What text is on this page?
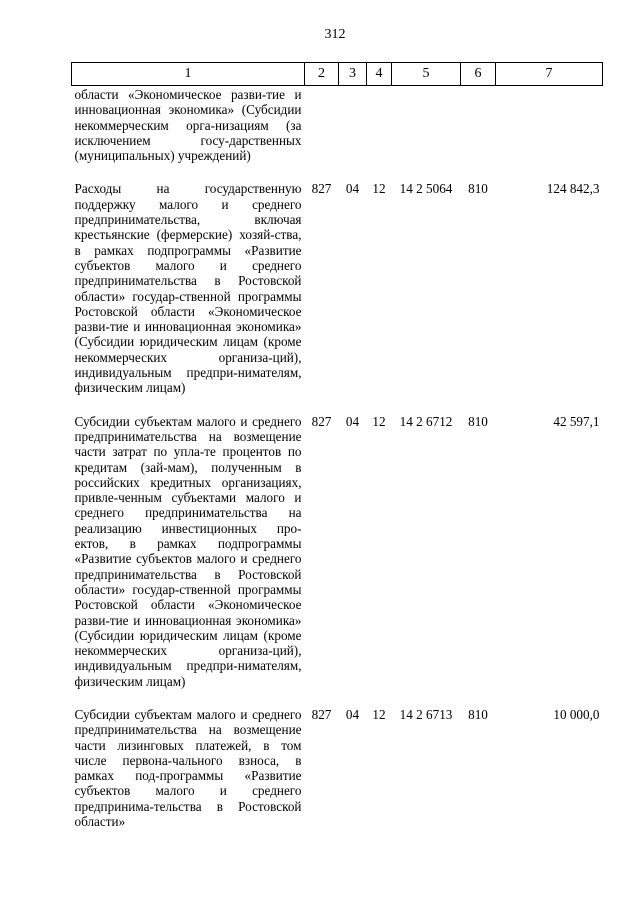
312
1	2	3	4	5	6	7
области «Экономическое разви-тие и инновационная экономика» (Субсидии некоммерческим орга-низациям (за исключением госу-дарственных (муниципальных) учреждений)						
Расходы на государственную поддержку малого и среднего предпринимательства, включая крестьянские (фермерские) хозяй-ства, в рамках подпрограммы «Развитие субъектов малого и среднего предпринимательства в Ростовской области» государ-ственной программы Ростовской области «Экономическое разви-тие и инновационная экономика» (Субсидии юридическим лицам (кроме некоммерческих организа-ций), индивидуальным предпри-нимателям, физическим лицам)	827	04	12	14 2 5064	810	124 842,3
Субсидии субъектам малого и среднего предпринимательства на возмещение части затрат по упла-те процентов по кредитам (зай-мам), полученным в российских кредитных организациях, привле-ченным субъектами малого и среднего предпринимательства на реализацию инвестиционных про-ектов, в рамках подпрограммы «Развитие субъектов малого и среднего предпринимательства в Ростовской области» государ-ственной программы Ростовской области «Экономическое разви-тие и инновационная экономика» (Субсидии юридическим лицам (кроме некоммерческих организа-ций), индивидуальным предпри-нимателям, физическим лицам)	827	04	12	14 2 6712	810	42 597,1
Субсидии субъектам малого и среднего предпринимательства на возмещение части лизинговых платежей, в том числе первона-чального взноса, в рамках под-программы «Развитие субъектов малого и среднего предпринима-тельства в Ростовской области»	827	04	12	14 2 6713	810	10 000,0
